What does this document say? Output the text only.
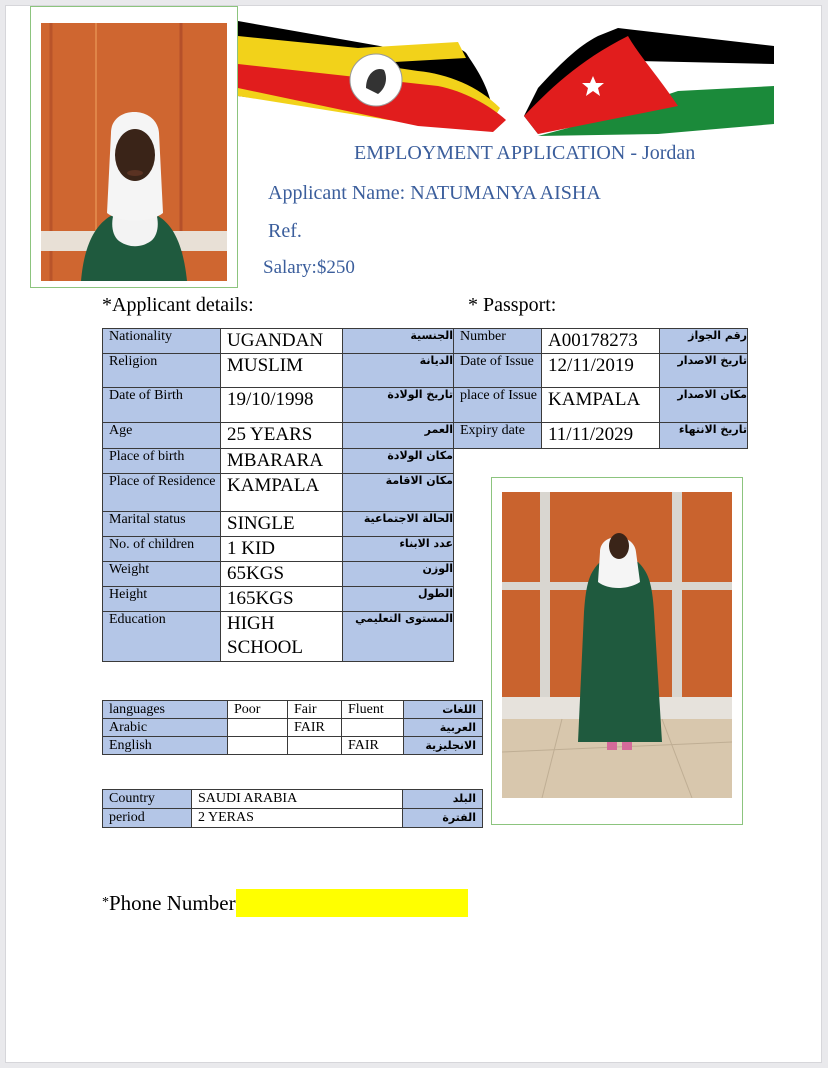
EMPLOYMENT APPLICATION - Jordan
Applicant Name: NATUMANYA AISHA
Ref.
Salary:$250
*Applicant details:	* Passport:
Nationality	UGANDAN	الجنسية
Religion	MUSLIM	الديانة
Date of Birth	19/10/1998	تاريخ الولادة
Age	25 YEARS	العمر
Place of birth	MBARARA	مكان الولادة
Place of Residence	KAMPALA	مكان الاقامة
Marital status	SINGLE	الحالة الاجتماعية
No. of children	1 KID	عدد الابناء
Weight	65KGS	الوزن
Height	165KGS	الطول
Education	HIGH SCHOOL	المستوى التعليمي
Number	A00178273	رقم الجواز
Date of Issue	12/11/2019	تاريخ الاصدار
place of Issue	KAMPALA	مكان الاصدار
Expiry date	11/11/2029	تاريخ الانتهاء
languages	Poor	Fair	Fluent	اللغات
Arabic		FAIR		العربية
English			FAIR	الانجليزية
Country	SAUDI ARABIA	البلد
period	2 YERAS	الفترة
*Phone Number
